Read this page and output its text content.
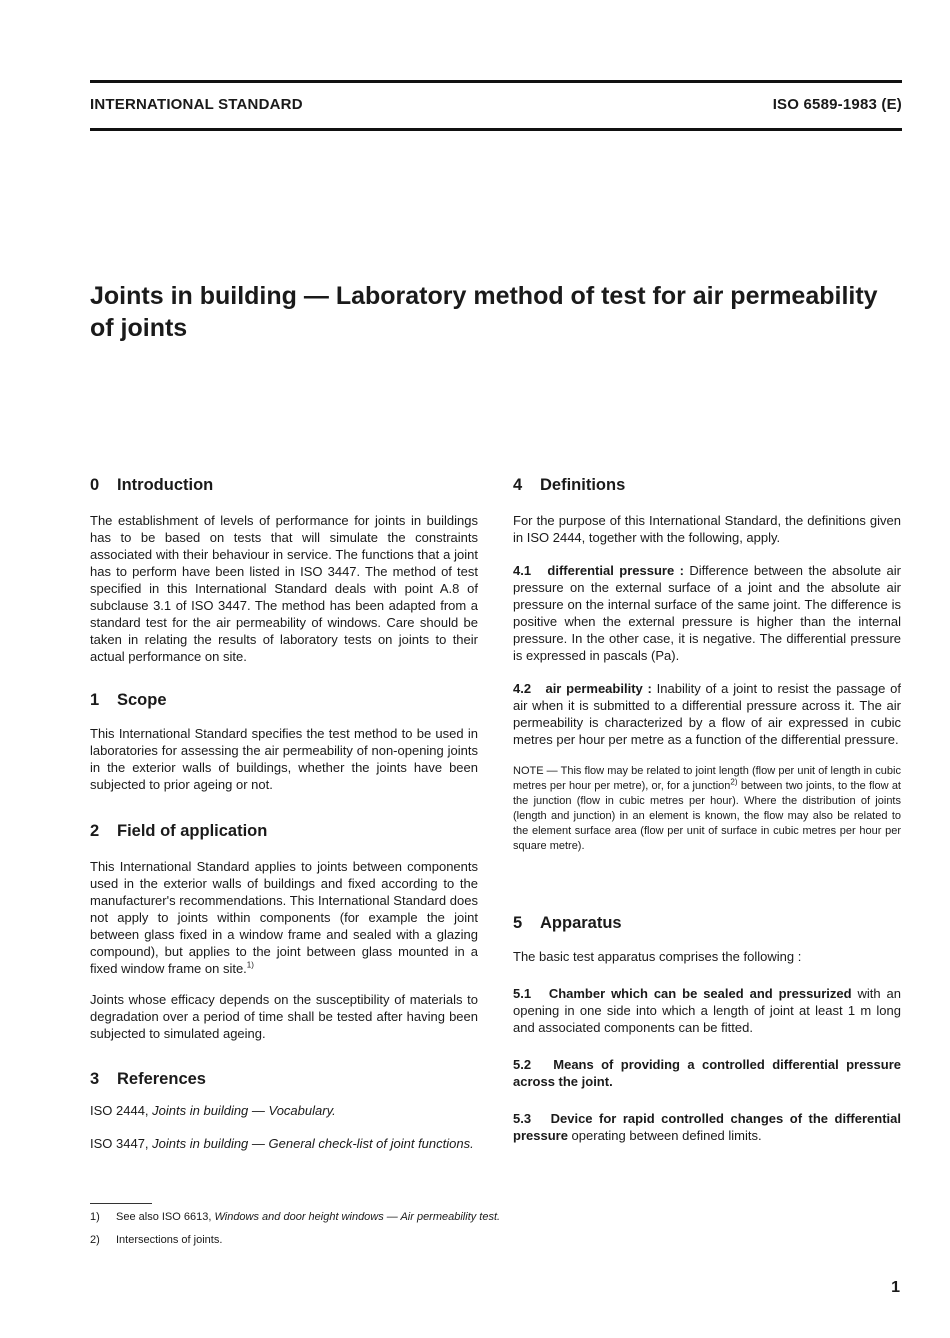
INTERNATIONAL STANDARD	ISO 6589-1983 (E)
Joints in building — Laboratory method of test for air permeability of joints
0 Introduction

The establishment of levels of performance for joints in buildings has to be based on tests that will simulate the constraints associated with their behaviour in service. The functions that a joint has to perform have been listed in ISO 3447. The method of test specified in this International Standard deals with point A.8 of subclause 3.1 of ISO 3447. The method has been adapted from a standard test for the air permeability of windows. Care should be taken in relating the results of laboratory tests on joints to their actual performance on site.

1 Scope

This International Standard specifies the test method to be used in laboratories for assessing the air permeability of non-opening joints in the exterior walls of buildings, whether the joints have been subjected to prior ageing or not.

2 Field of application

This International Standard applies to joints between components used in the exterior walls of buildings and fixed according to the manufacturer's recommendations. This International Standard does not apply to joints within components (for example the joint between glass fixed in a window frame and sealed with a glazing compound), but applies to the joint between glass mounted in a fixed window frame on site.$^{1)}$

Joints whose efficacy depends on the susceptibility of materials to degradation over a period of time shall be tested after having been subjected to simulated ageing.

3 References

ISO 2444, Joints in building — Vocabulary.

ISO 3447, Joints in building — General check-list of joint functions.

4 Definitions

For the purpose of this International Standard, the definitions given in ISO 2444, together with the following, apply.

4.1 differential pressure : Difference between the absolute air pressure on the external surface of a joint and the absolute air pressure on the internal surface of the same joint. The difference is positive when the external pressure is higher than the internal pressure. In the other case, it is negative. The differential pressure is expressed in pascals (Pa).

4.2 air permeability : Inability of a joint to resist the passage of air when it is submitted to a differential pressure across it. The air permeability is characterized by a flow of air expressed in cubic metres per hour per metre as a function of the differential pressure.

NOTE — This flow may be related to joint length (flow per unit of length in cubic metres per hour per metre), or, for a junction$^{2)}$ between two joints, to the flow at the junction (flow in cubic metres per hour). Where the distribution of joints (length and junction) in an element is known, the flow may also be related to the element surface area (flow per unit of surface in cubic metres per hour per square metre).

5 Apparatus

The basic test apparatus comprises the following :

5.1 Chamber which can be sealed and pressurized with an opening in one side into which a length of joint at least 1 m long and associated components can be fitted.

5.2 Means of providing a controlled differential pressure across the joint.

5.3 Device for rapid controlled changes of the differential pressure operating between defined limits.

1) See also ISO 6613, Windows and door height windows — Air permeability test.
2) Intersections of joints.
1
